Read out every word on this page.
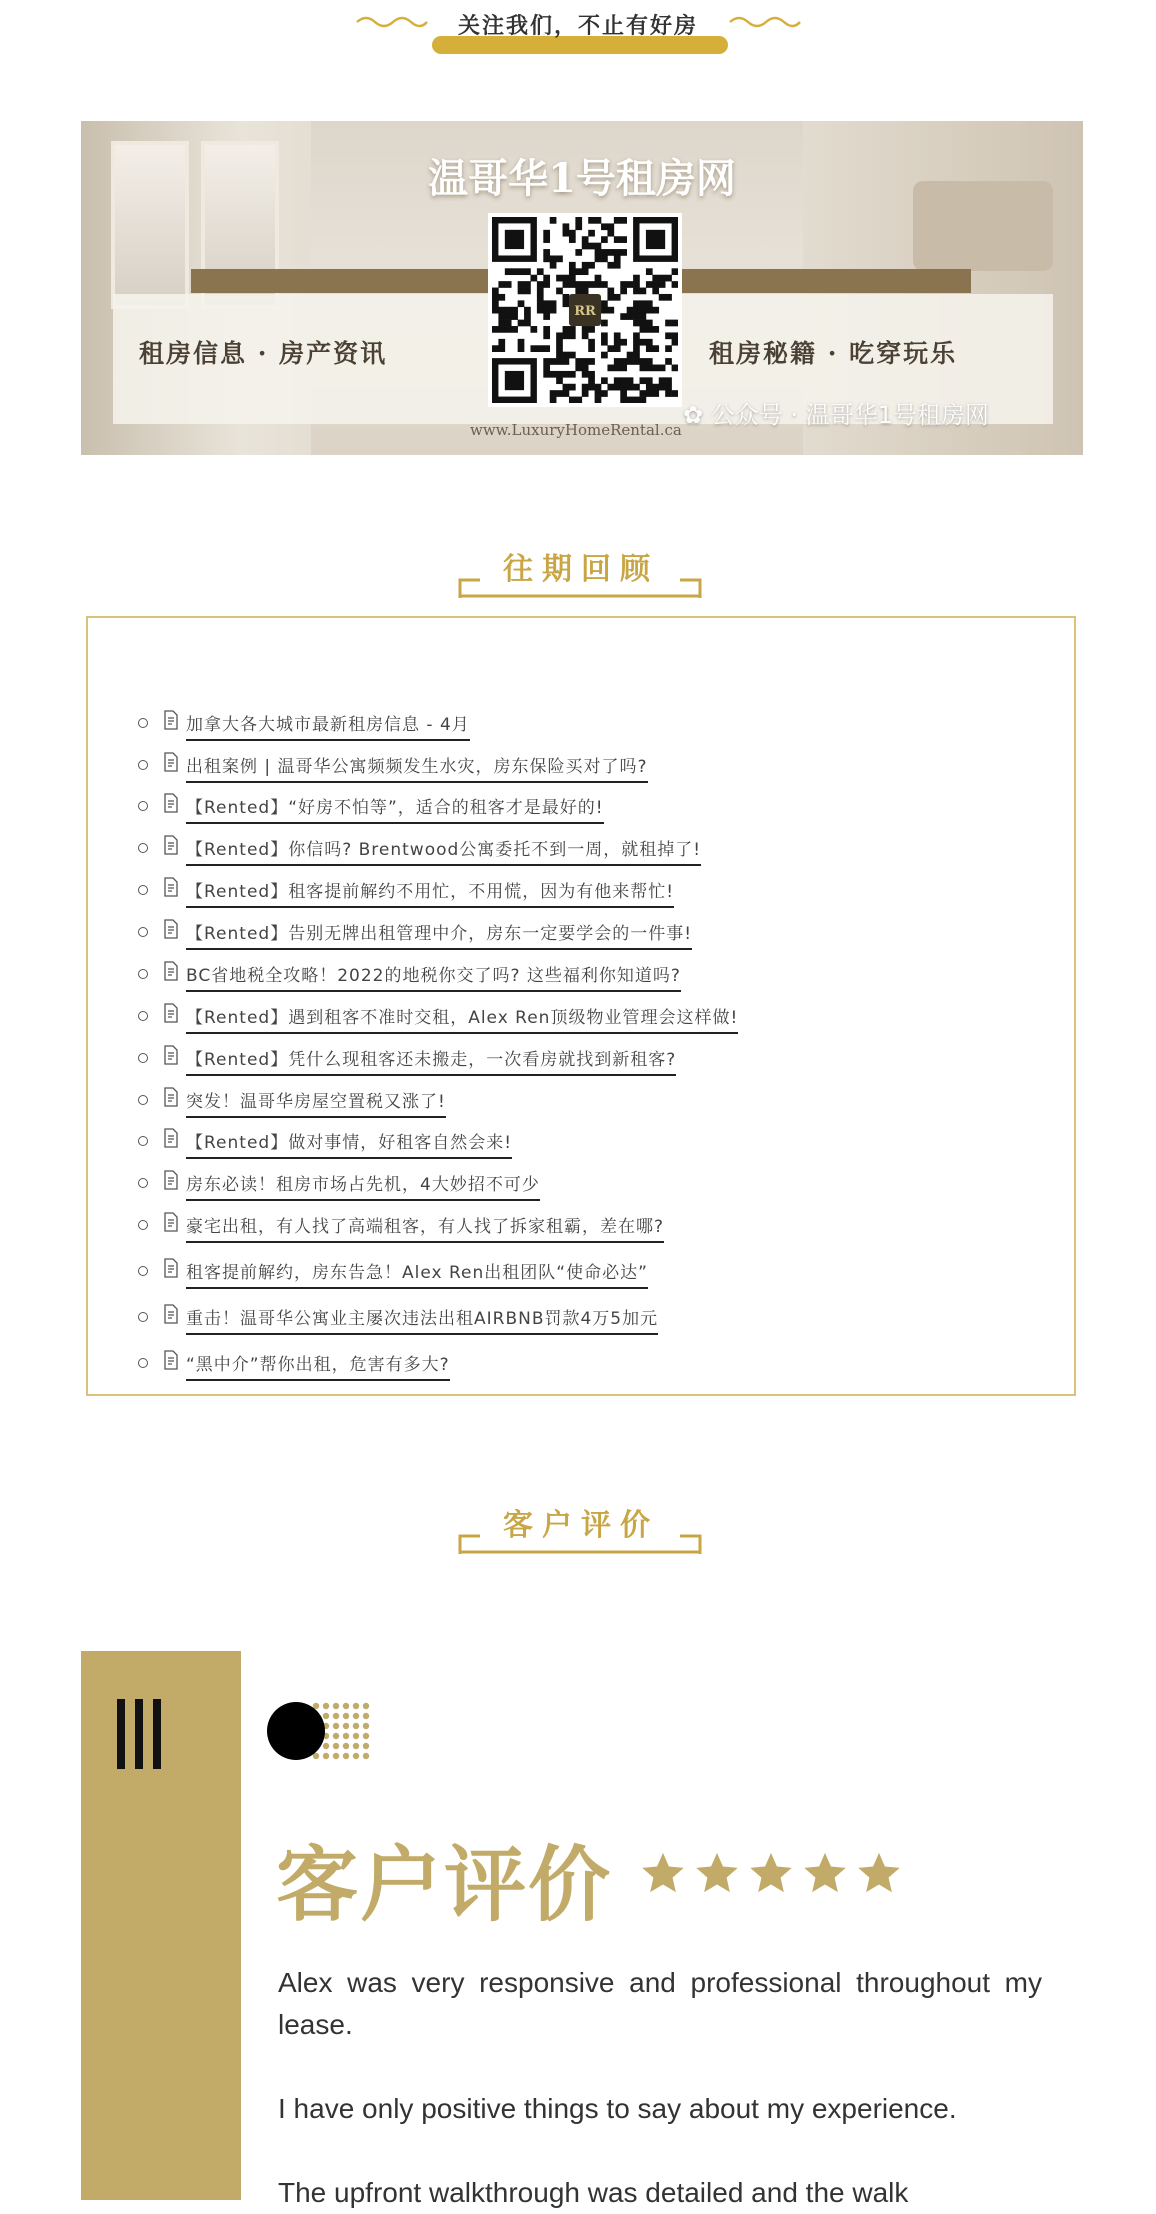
关注我们，不止有好房
温哥华1号租房网
租房信息 · 房产资讯	租房秘籍 · 吃穿玩乐
RR
www.LuxuryHomeRental.ca
✿ 公众号 · 温哥华1号租房网
往期回顾
加拿大各大城市最新租房信息 - 4月
出租案例 | 温哥华公寓频频发生水灾，房东保险买对了吗?
【Rented】“好房不怕等”，适合的租客才是最好的!
【Rented】你信吗? Brentwood公寓委托不到一周，就租掉了!
【Rented】租客提前解约不用忙，不用慌，因为有他来帮忙!
【Rented】告别无牌出租管理中介，房东一定要学会的一件事!
BC省地税全攻略！2022的地税你交了吗? 这些福利你知道吗?
【Rented】遇到租客不准时交租，Alex Ren顶级物业管理会这样做!
【Rented】凭什么现租客还未搬走，一次看房就找到新租客?
突发！温哥华房屋空置税又涨了!
【Rented】做对事情，好租客自然会来!
房东必读！租房市场占先机，4大妙招不可少
豪宅出租，有人找了高端租客，有人找了拆家租霸，差在哪?
租客提前解约，房东告急！Alex Ren出租团队“使命必达”
重击！温哥华公寓业主屡次违法出租AIRBNB罚款4万5加元
“黑中介”帮你出租，危害有多大?
客户评价
客户评价
Alex was very responsive and professional throughout my lease.
I have only positive things to say about my experience.
The upfront walkthrough was detailed and the walk
